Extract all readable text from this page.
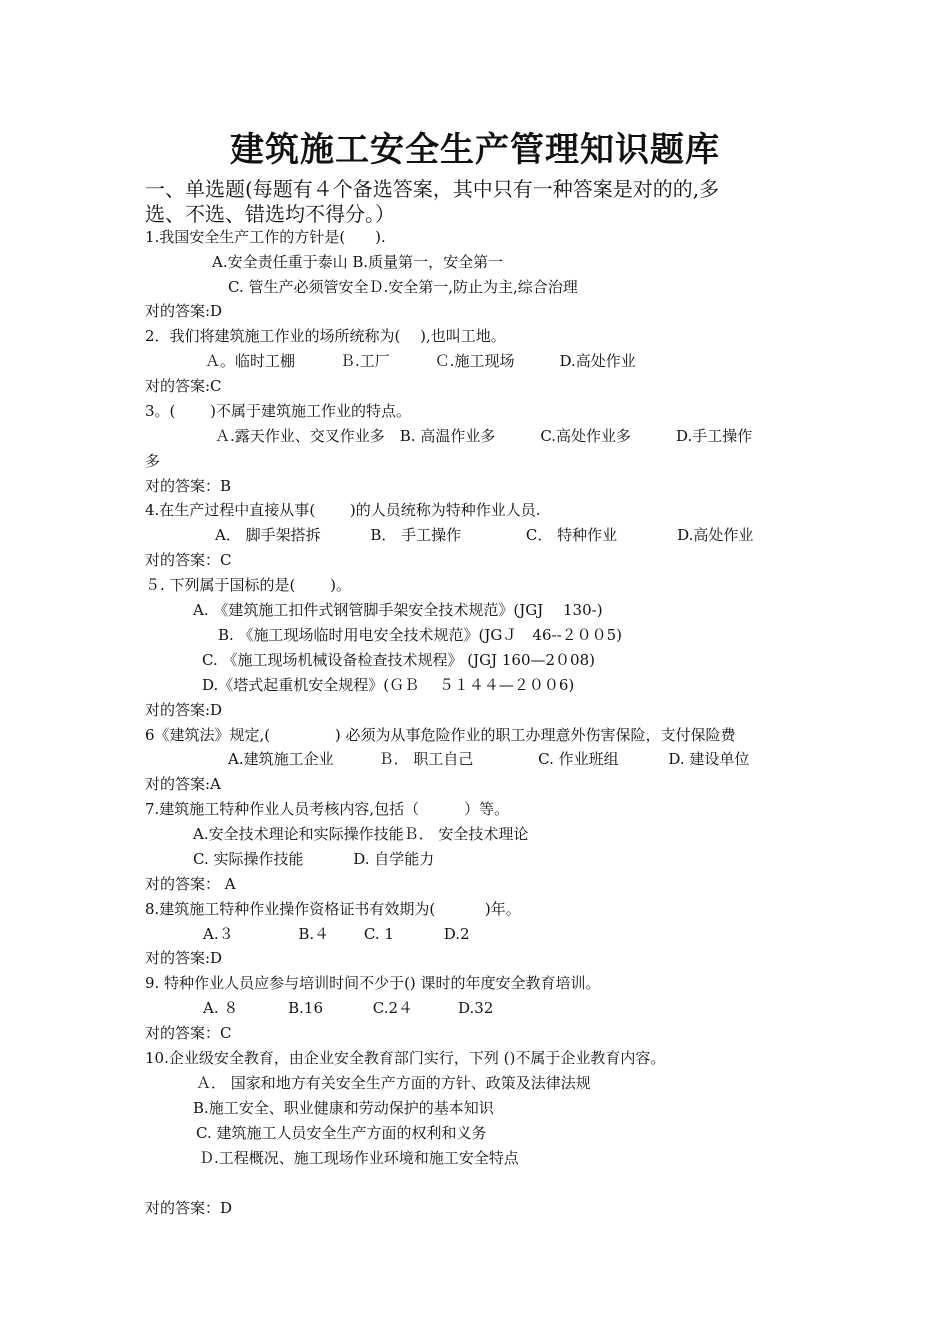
建筑施工安全生产管理知识题库
一、单选题(每题有４个备选答案，其中只有一种答案是对的的,多
选、不选、错选均不得分。）
1.我国安全生产工作的方针是(　　).
A.安全责任重于泰山 B.质量第一，安全第一
C. 管生产必须管安全Ｄ.安全第一,防止为主,综合治理
对的答案:D
2．我们将建筑施工作业的场所统称为(　 ),也叫工地。
Ａ。临时工棚　　　Ｂ.工厂　　　Ｃ.施工现场　　　D.高处作业
对的答案:C
3。(　　 )不属于建筑施工作业的特点。
Ａ.露天作业、交叉作业多　B. 高温作业多　　　C.高处作业多　　　D.手工操作
多
对的答案：B
4.在生产过程中直接从事(　　 )的人员统称为特种作业人员.
A． 脚手架搭拆　　　 B． 手工操作　　　　 C． 特种作业　　　　D.高处作业
对的答案：C
５. 下列属于国标的是(　　 )。
A. 《建筑施工扣件式钢管脚手架安全技术规范》(JGJ　 130-)
B. 《施工现场临时用电安全技术规范》(JGＪ　46--２００5)
C. 《施工现场机械设备检查技术规程》 (JGJ 160—2０08)
D.《塔式起重机安全规程》(ＧＢ　 ５１４４—２００6)
对的答案:D
6《建筑法》规定,(　　　　 ) 必须为从事危险作业的职工办理意外伤害保险，支付保险费
A.建筑施工企业　　　Ｂ． 职工自己　　　　 C. 作业班组　　　 D. 建设单位
对的答案:A
7.建筑施工特种作业人员考核内容,包括（　　　）等。
A.安全技术理论和实际操作技能Ｂ． 安全技术理论
C. 实际操作技能　　　 D. 自学能力
对的答案： A
8.建筑施工特种作业操作资格证书有效期为(　　　 )年。
A.３　　　　 B.４　　 C. 1　　　 D.2
对的答案:D
9. 特种作业人员应参与培训时间不少于() 课时的年度安全教育培训。
A. ８　　　 B.16　　　 C.2４　　　D.32
对的答案：C
10.企业级安全教育，由企业安全教育部门实行，下列 ()不属于企业教育内容。
Ａ． 国家和地方有关安全生产方面的方针、政策及法律法规
B.施工安全、职业健康和劳动保护的基本知识
C. 建筑施工人员安全生产方面的权利和义务
Ｄ.工程概况、施工现场作业环境和施工安全特点
对的答案：D
